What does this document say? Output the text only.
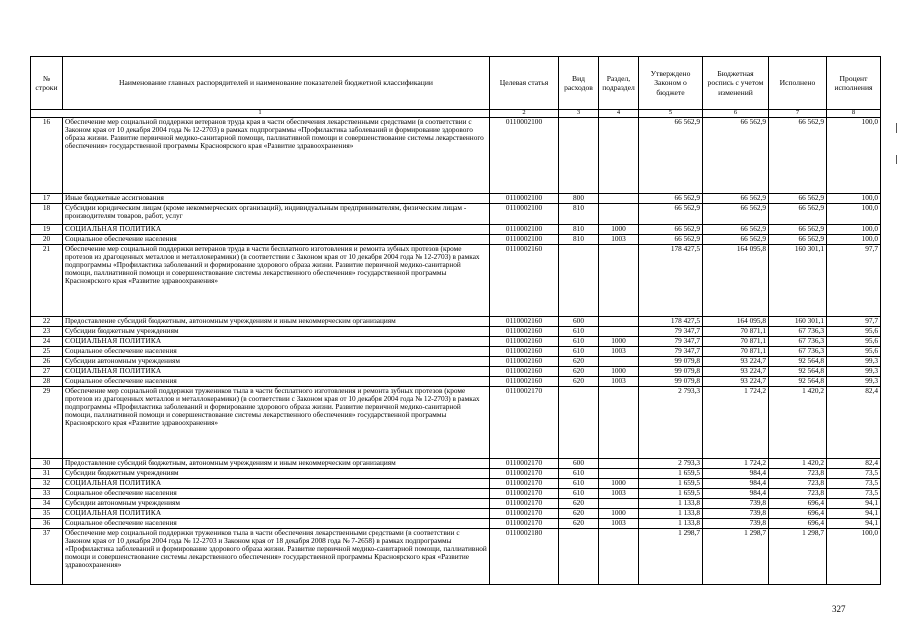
№ строки	Наименование главных распорядителей и наименование показателей бюджетной классификации	Целевая статья	Вид расходов	Раздел, подраздел	Утверждено Законом о бюджете	Бюджетная роспись с учетом изменений	Исполнено	Процент исполнения
1		2	3	4	5	6	7	8
16	Обеспечение мер социальной поддержки ветеранов труда края в части обеспечения лекарственными средствами (в соответствии с Законом края от 10 декабря 2004 года № 12-2703) в рамках подпрограммы «Профилактика заболеваний и формирование здорового образа жизни. Развитие первичной медико-санитарной помощи, паллиативной помощи и совершенствование системы лекарственного обеспечения» государственной программы Красноярского края «Развитие здравоохранения»	0110002100			66 562,9	66 562,9	66 562,9	100,0
17	Иные бюджетные ассигнования	0110002100	800		66 562,9	66 562,9	66 562,9	100,0
18	Субсидии юридическим лицам (кроме некоммерческих организаций), индивидуальным предпринимателям, физическим лицам - производителям товаров, работ, услуг	0110002100	810		66 562,9	66 562,9	66 562,9	100,0
19	СОЦИАЛЬНАЯ ПОЛИТИКА	0110002100	810	1000	66 562,9	66 562,9	66 562,9	100,0
20	Социальное обеспечение населения	0110002100	810	1003	66 562,9	66 562,9	66 562,9	100,0
21	Обеспечение мер социальной поддержки ветеранов труда в части бесплатного изготовления и ремонта зубных протезов (кроме протезов из драгоценных металлов и металлокерамики) (в соответствии с Законом края от 10 декабря 2004 года № 12-2703) в рамках подпрограммы «Профилактика заболеваний и формирование здорового образа жизни. Развитие первичной медико-санитарной помощи, паллиативной помощи и совершенствование системы лекарственного обеспечения» государственной программы Красноярского края «Развитие здравоохранения»	0110002160			178 427,5	164 095,8	160 301,1	97,7
22	Предоставление субсидий бюджетным, автономным учреждениям и иным некоммерческим организациям	0110002160	600		178 427,5	164 095,8	160 301,1	97,7
23	Субсидии бюджетным учреждениям	0110002160	610		79 347,7	70 871,1	67 736,3	95,6
24	СОЦИАЛЬНАЯ ПОЛИТИКА	0110002160	610	1000	79 347,7	70 871,1	67 736,3	95,6
25	Социальное обеспечение населения	0110002160	610	1003	79 347,7	70 871,1	67 736,3	95,6
26	Субсидии автономным учреждениям	0110002160	620		99 079,8	93 224,7	92 564,8	99,3
27	СОЦИАЛЬНАЯ ПОЛИТИКА	0110002160	620	1000	99 079,8	93 224,7	92 564,8	99,3
28	Социальное обеспечение населения	0110002160	620	1003	99 079,8	93 224,7	92 564,8	99,3
29	Обеспечение мер социальной поддержки тружеников тыла в части бесплатного изготовления и ремонта зубных протезов (кроме протезов из драгоценных металлов и металлокерамики) (в соответствии с Законом края от 10 декабря 2004 года № 12-2703) в рамках подпрограммы «Профилактика заболеваний и формирование здорового образа жизни. Развитие первичной медико-санитарной помощи, паллиативной помощи и совершенствование системы лекарственного обеспечения» государственной программы Красноярского края «Развитие здравоохранения»	0110002170			2 793,3	1 724,2	1 420,2	82,4
30	Предоставление субсидий бюджетным, автономным учреждениям и иным некоммерческим организациям	0110002170	600		2 793,3	1 724,2	1 420,2	82,4
31	Субсидии бюджетным учреждениям	0110002170	610		1 659,5	984,4	723,8	73,5
32	СОЦИАЛЬНАЯ ПОЛИТИКА	0110002170	610	1000	1 659,5	984,4	723,8	73,5
33	Социальное обеспечение населения	0110002170	610	1003	1 659,5	984,4	723,8	73,5
34	Субсидии автономным учреждениям	0110002170	620		1 133,8	739,8	696,4	94,1
35	СОЦИАЛЬНАЯ ПОЛИТИКА	0110002170	620	1000	1 133,8	739,8	696,4	94,1
36	Социальное обеспечение населения	0110002170	620	1003	1 133,8	739,8	696,4	94,1
37	Обеспечение мер социальной поддержки тружеников тыла в части обеспечения лекарственными средствами (в соответствии с Законом края от 10 декабря 2004 года № 12-2703 и Законом края от 18 декабря 2008 года № 7-2658) в рамках подпрограммы «Профилактика заболеваний и формирование здорового образа жизни. Развитие первичной медико-санитарной помощи, паллиативной помощи и совершенствование системы лекарственного обеспечения» государственной программы Красноярского края «Развитие здравоохранения»	0110002180			1 298,7	1 298,7	1 298,7	100,0
327
